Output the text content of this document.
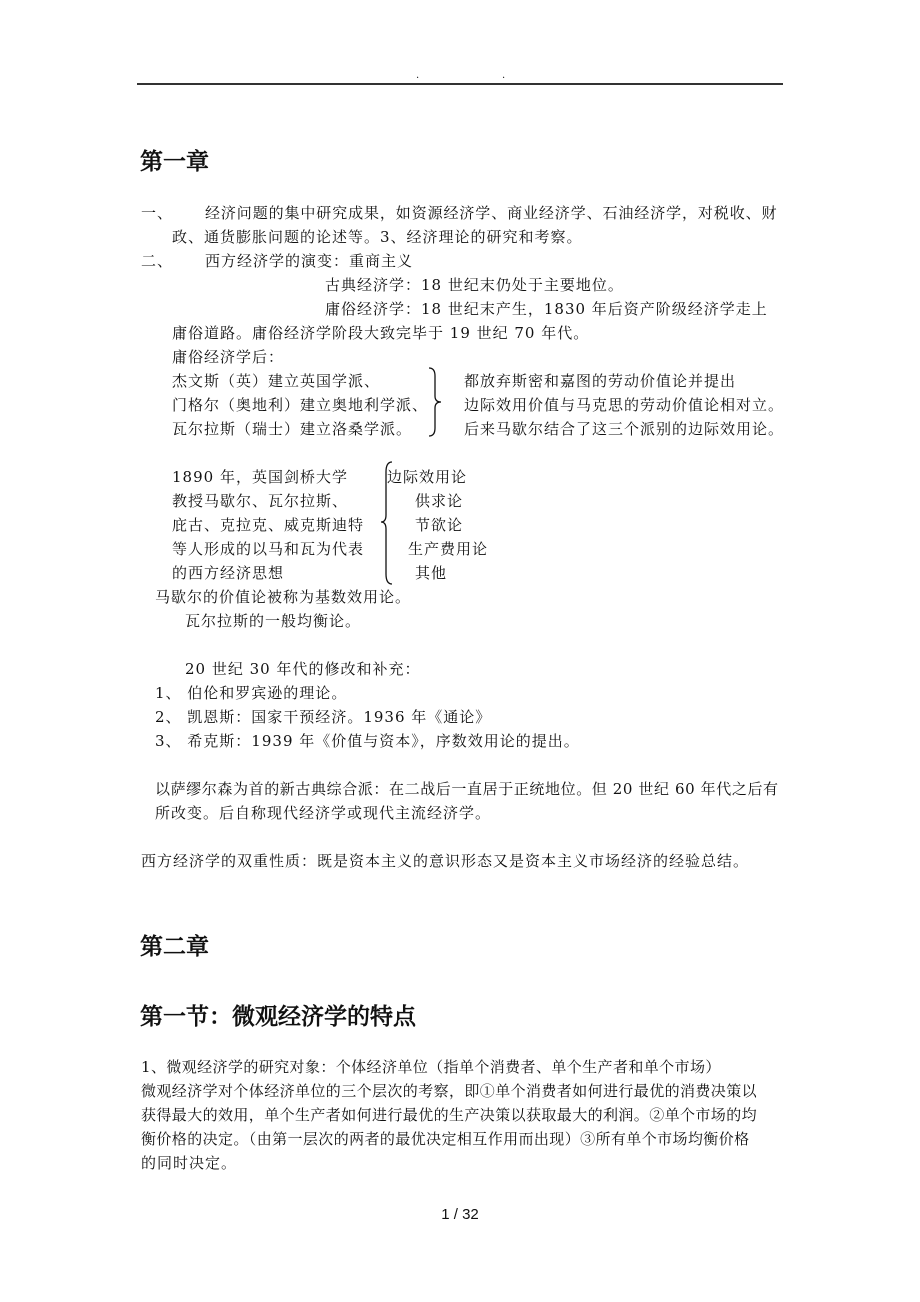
.	.
第一章
一、 经济问题的集中研究成果，如资源经济学、商业经济学、石油经济学，对税收、财
政、通货膨胀问题的论述等。3、经济理论的研究和考察。
二、 西方经济学的演变：重商主义
古典经济学：18 世纪末仍处于主要地位。
庸俗经济学：18 世纪末产生，1830 年后资产阶级经济学走上
庸俗道路。庸俗经济学阶段大致完毕于 19 世纪 70 年代。
庸俗经济学后：
杰文斯（英）建立英国学派、
门格尔（奥地利）建立奥地利学派、
瓦尔拉斯（瑞士）建立洛桑学派。
都放弃斯密和嘉图的劳动价值论并提出
边际效用价值与马克思的劳动价值论相对立。
后来马歇尔结合了这三个派别的边际效用论。
1890 年，英国剑桥大学
教授马歇尔、瓦尔拉斯、
庇古、克拉克、威克斯迪特
等人形成的以马和瓦为代表
的西方经济思想
边际效用论
供求论
节欲论
生产费用论
其他
马歇尔的价值论被称为基数效用论。
瓦尔拉斯的一般均衡论。
20 世纪 30 年代的修改和补充：
1、 伯伦和罗宾逊的理论。
2、 凯恩斯：国家干预经济。1936 年《通论》
3、 希克斯：1939 年《价值与资本》，序数效用论的提出。
以萨缪尔森为首的新古典综合派：在二战后一直居于正统地位。但 20 世纪 60 年代之后有
所改变。后自称现代经济学或现代主流经济学。
西方经济学的双重性质：既是资本主义的意识形态又是资本主义市场经济的经验总结。
第二章
第一节：微观经济学的特点
1、微观经济学的研究对象：个体经济单位（指单个消费者、单个生产者和单个市场）
微观经济学对个体经济单位的三个层次的考察，即①单个消费者如何进行最优的消费决策以
获得最大的效用，单个生产者如何进行最优的生产决策以获取最大的利润。②单个市场的均
衡价格的决定。（由第一层次的两者的最优决定相互作用而出现）③所有单个市场均衡价格
的同时决定。
1 / 32
